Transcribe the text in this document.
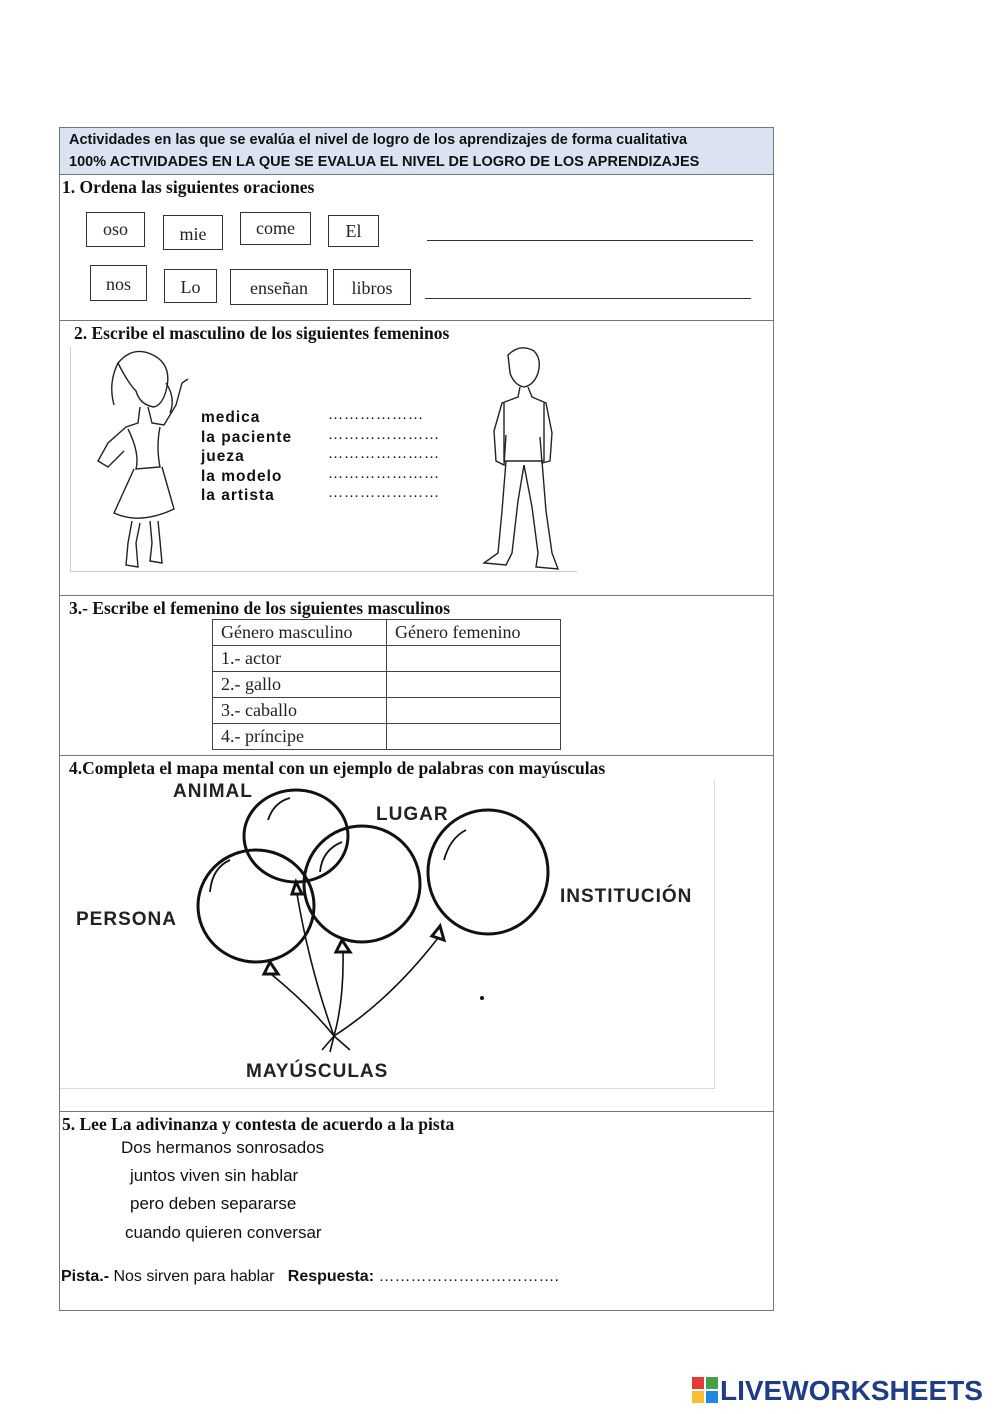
Actividades en las que se evalúa el nivel de logro de los aprendizajes de forma cualitativa
100% ACTIVIDADES EN LA QUE SE EVALUA EL NIVEL DE LOGRO DE LOS APRENDIZAJES
1. Ordena las siguientes oraciones
oso	mie	come	El
nos	Lo	enseñan	libros
2. Escribe el masculino de los siguientes femeninos
medica	………………
la paciente …………………
jueza	…………………
la modelo	…………………
la artista	…………………
3.- Escribe el femenino de los siguientes masculinos
Género masculino	Género femenino
1.- actor	
2.- gallo	
3.- caballo	
4.- príncipe	
4.Completa el mapa mental con un ejemplo de palabras con mayúsculas
ANIMAL
LUGAR
PERSONA
INSTITUCIÓN
MAYÚSCULAS
5. Lee La adivinanza y contesta de acuerdo a la pista
Dos hermanos sonrosados
juntos viven sin hablar
pero deben separarse
cuando quieren conversar
Pista.- Nos sirven para hablar Respuesta: …………………………….
LIVEWORKSHEETS
